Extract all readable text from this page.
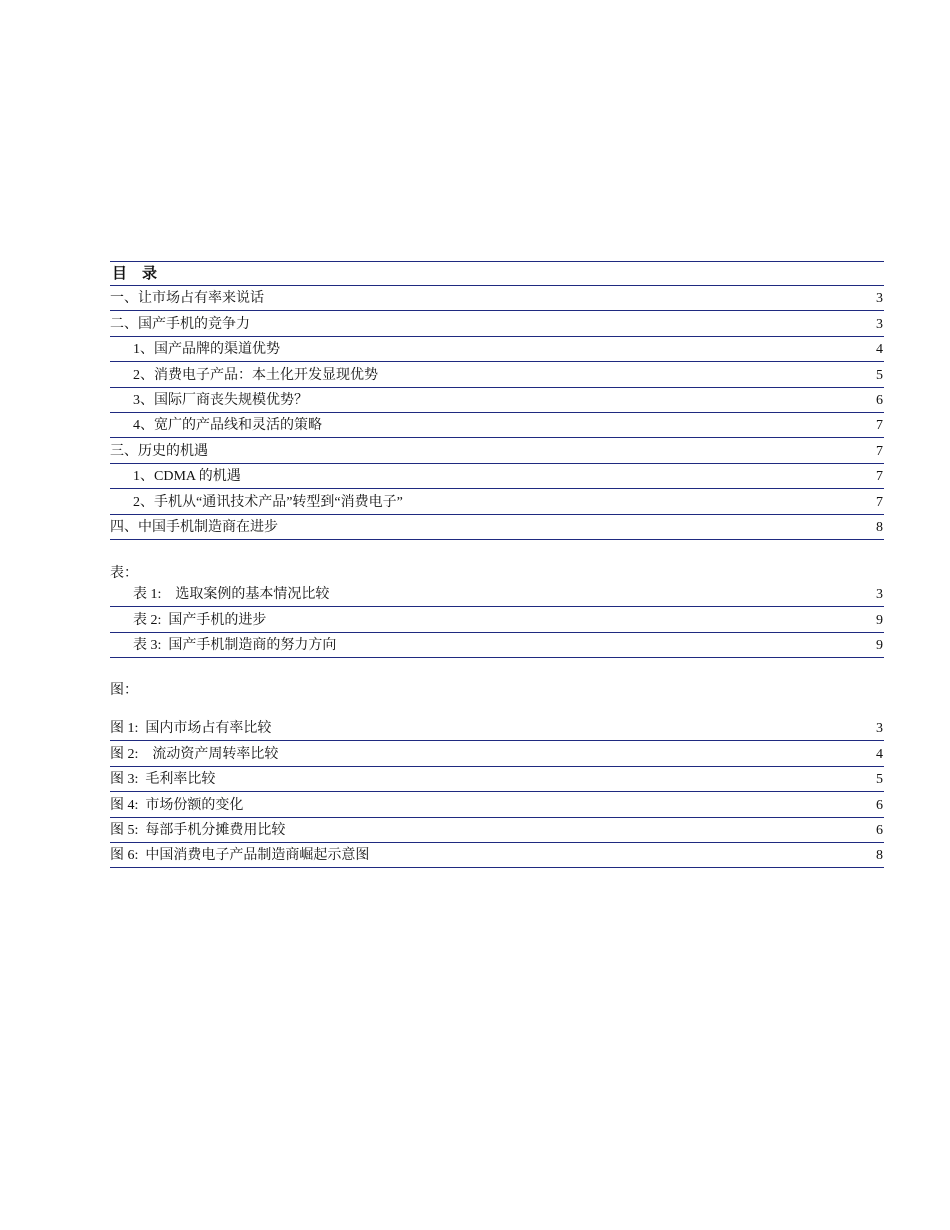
目　录
一、让市场占有率来说话	3
二、国产手机的竞争力	3
1、国产品牌的渠道优势	4
2、消费电子产品：本土化开发显现优势	5
3、国际厂商丧失规模优势？	6
4、宽广的产品线和灵活的策略	7
三、历史的机遇	7
1、CDMA 的机遇	7
2、手机从“通讯技术产品”转型到“消费电子”	7
四、中国手机制造商在进步	8
表：
表 1:　选取案例的基本情况比较	3
表 2:  国产手机的进步	9
表 3:  国产手机制造商的努力方向	9
图：
图 1:  国内市场占有率比较	3
图 2:　流动资产周转率比较	4
图 3:  毛利率比较	5
图 4:  市场份额的变化	6
图 5:  每部手机分摊费用比较	6
图 6:  中国消费电子产品制造商崛起示意图	8
